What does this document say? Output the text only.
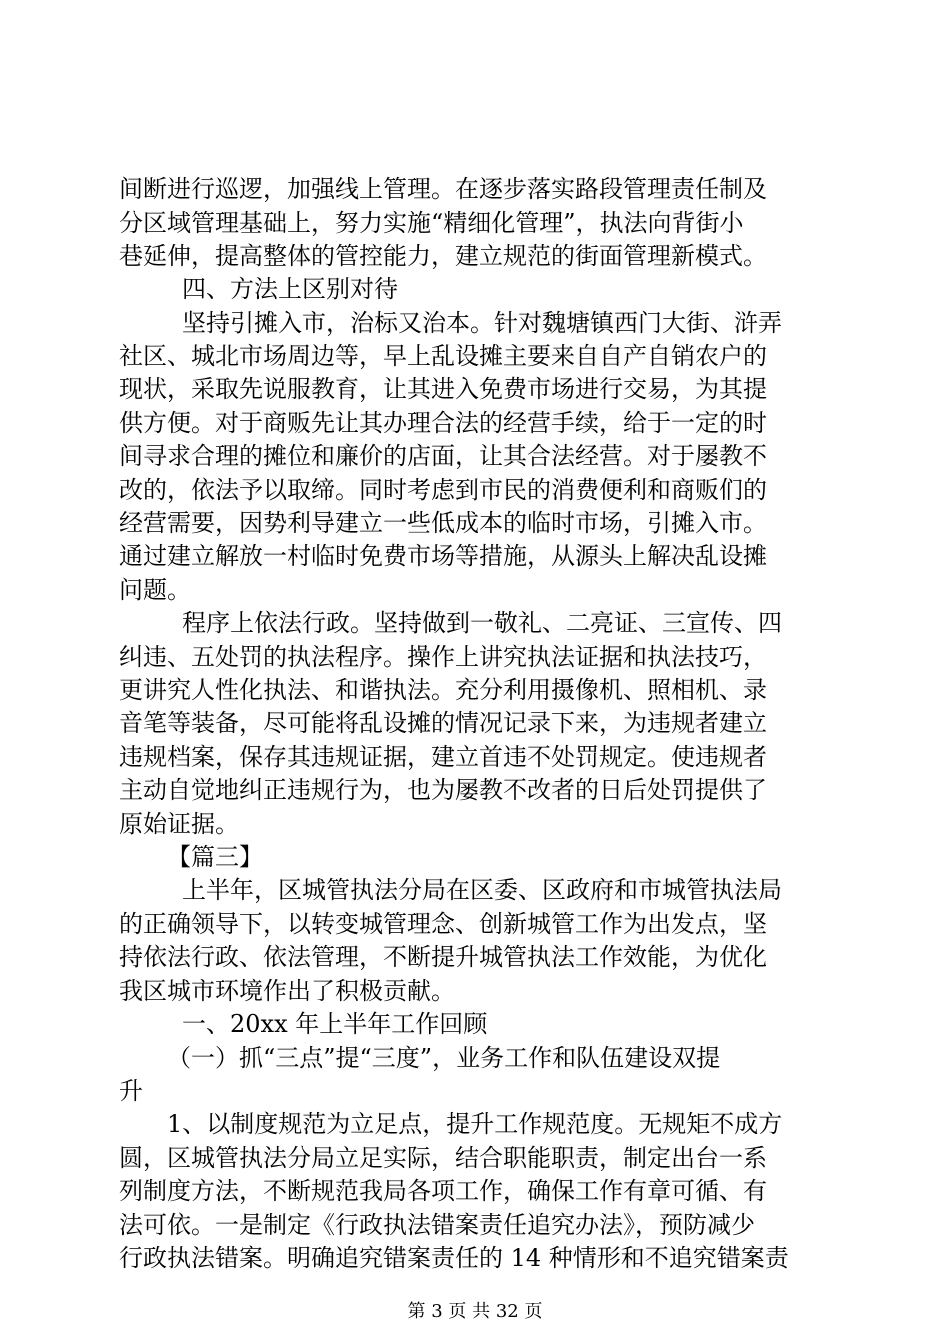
间断进行巡逻，加强线上管理。在逐步落实路段管理责任制及
分区域管理基础上，努力实施“精细化管理”，执法向背街小
巷延伸，提高整体的管控能力，建立规范的街面管理新模式。
四、方法上区别对待
坚持引摊入市，治标又治本。针对魏塘镇西门大街、浒弄
社区、城北市场周边等，早上乱设摊主要来自自产自销农户的
现状，采取先说服教育，让其进入免费市场进行交易，为其提
供方便。对于商贩先让其办理合法的经营手续，给于一定的时
间寻求合理的摊位和廉价的店面，让其合法经营。对于屡教不
改的，依法予以取缔。同时考虑到市民的消费便利和商贩们的
经营需要，因势利导建立一些低成本的临时市场，引摊入市。
通过建立解放一村临时免费市场等措施，从源头上解决乱设摊
问题。
程序上依法行政。坚持做到一敬礼、二亮证、三宣传、四
纠违、五处罚的执法程序。操作上讲究执法证据和执法技巧，
更讲究人性化执法、和谐执法。充分利用摄像机、照相机、录
音笔等装备，尽可能将乱设摊的情况记录下来，为违规者建立
违规档案，保存其违规证据，建立首违不处罚规定。使违规者
主动自觉地纠正违规行为，也为屡教不改者的日后处罚提供了
原始证据。
【篇三】
上半年，区城管执法分局在区委、区政府和市城管执法局
的正确领导下，以转变城管理念、创新城管工作为出发点，坚
持依法行政、依法管理，不断提升城管执法工作效能，为优化
我区城市环境作出了积极贡献。
一、20xx 年上半年工作回顾
（一）抓“三点”提“三度”，业务工作和队伍建设双提
升
1、以制度规范为立足点，提升工作规范度。无规矩不成方
圆，区城管执法分局立足实际，结合职能职责，制定出台一系
列制度方法，不断规范我局各项工作，确保工作有章可循、有
法可依。一是制定《行政执法错案责任追究办法》，预防减少
行政执法错案。明确追究错案责任的 14 种情形和不追究错案责
第 3 页 共 32 页
